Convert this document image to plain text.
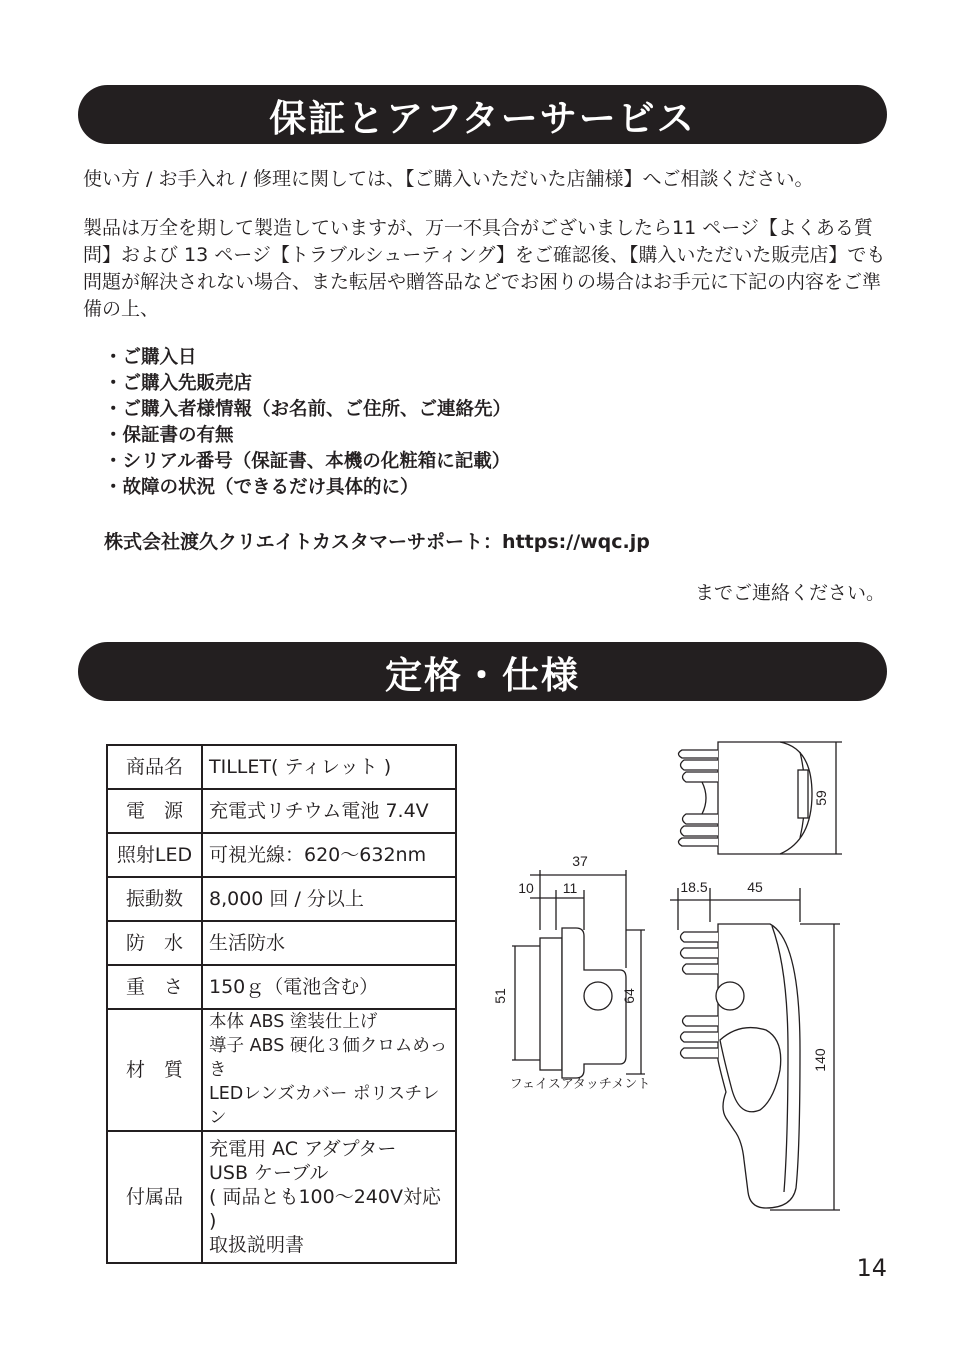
保証とアフターサービス

使い方 / お手入れ / 修理に関しては、【ご購入いただいた店舗様】へご相談ください。

製品は万全を期して製造していますが、万一不具合がございましたら11 ページ【よくある質問】および 13 ページ【トラブルシューティング】をご確認後、【購入いただいた販売店】でも問題が解決されない場合、また転居や贈答品などでお困りの場合はお手元に下記の内容をご準備の上、

・ ご購入日
・ ご購入先販売店
・ ご購入者様情報（お名前、ご住所、ご連絡先）
・ 保証書の有無
・ シリアル番号（保証書、本機の化粧箱に記載）
・ 故障の状況（できるだけ具体的に）
株式会社渡久クリエイトカスタマーサポート：https://wqc.jp
までご連絡ください。
定格・仕様
商品名	TILLET( ティレット )
電　源	充電式リチウム電池 7.4V
照射LED	可視光線：620〜632nm
振動数	8,000 回 / 分以上
防　水	生活防水
重　さ	150ｇ（電池含む）
材　質	本体 ABS 塗装仕上げ
導子 ABS 硬化３価クロムめっき
LEDレンズカバー ポリスチレン
付属品	充電用 AC アダプター
USB ケーブル
( 両品とも100〜240V対応 )
取扱説明書
59
37
10 11
51	64
フェイスアタッチメント
18.5	45
140
14
